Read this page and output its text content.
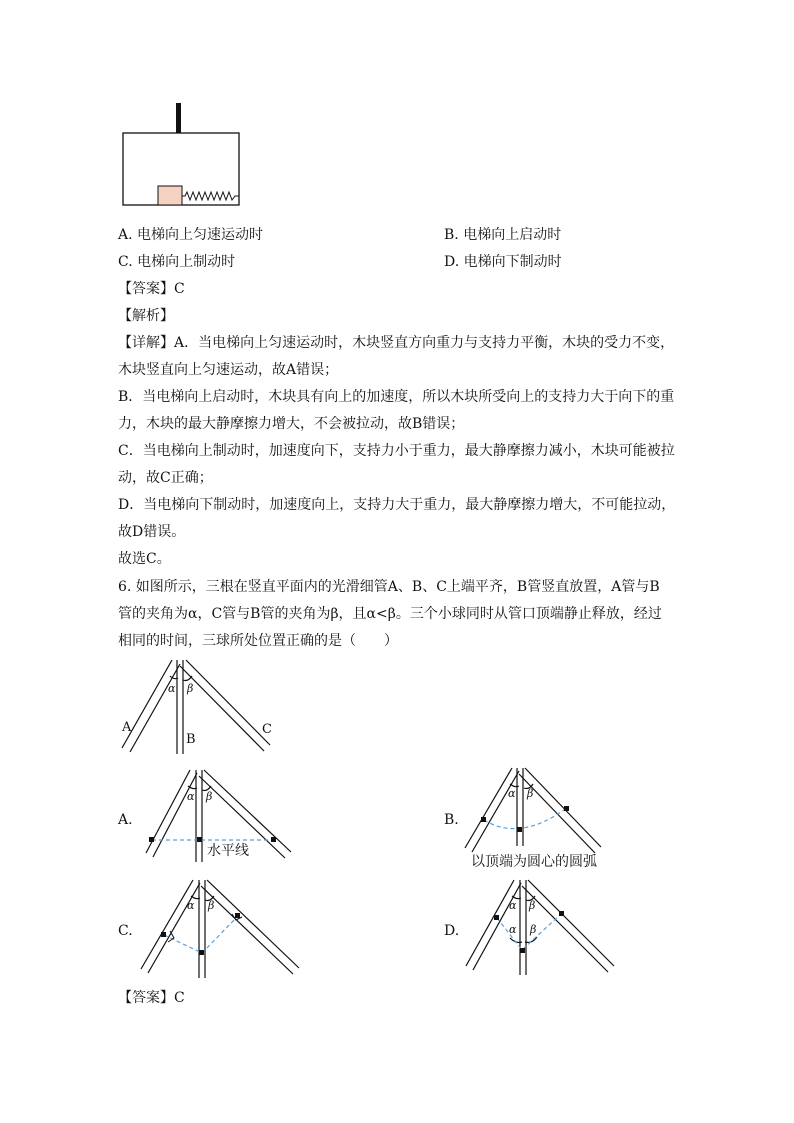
A. 电梯向上匀速运动时	B. 电梯向上启动时
C. 电梯向上制动时	D. 电梯向下制动时
【答案】C
【解析】
【详解】A．当电梯向上匀速运动时，木块竖直方向重力与支持力平衡，木块的受力不变，
木块竖直向上匀速运动，故A错误；
B．当电梯向上启动时，木块具有向上的加速度，所以木块所受向上的支持力大于向下的重
力，木块的最大静摩擦力增大，不会被拉动，故B错误；
C．当电梯向上制动时，加速度向下，支持力小于重力，最大静摩擦力减小，木块可能被拉
动，故C正确；
D．当电梯向下制动时，加速度向上，支持力大于重力，最大静摩擦力增大，不可能拉动，
故D错误。
故选C。
6. 如图所示，三根在竖直平面内的光滑细管A、B、C上端平齐，B管竖直放置，A管与B
管的夹角为α，C管与B管的夹角为β，且α<β。三个小球同时从管口顶端静止释放，经过
相同的时间，三球所处位置正确的是（　　）
A
B
C
α β
A.
水平线
α β
B.
以顶端为圆心的圆弧
α β
C.
α β
D.
α β
α β
【答案】C
